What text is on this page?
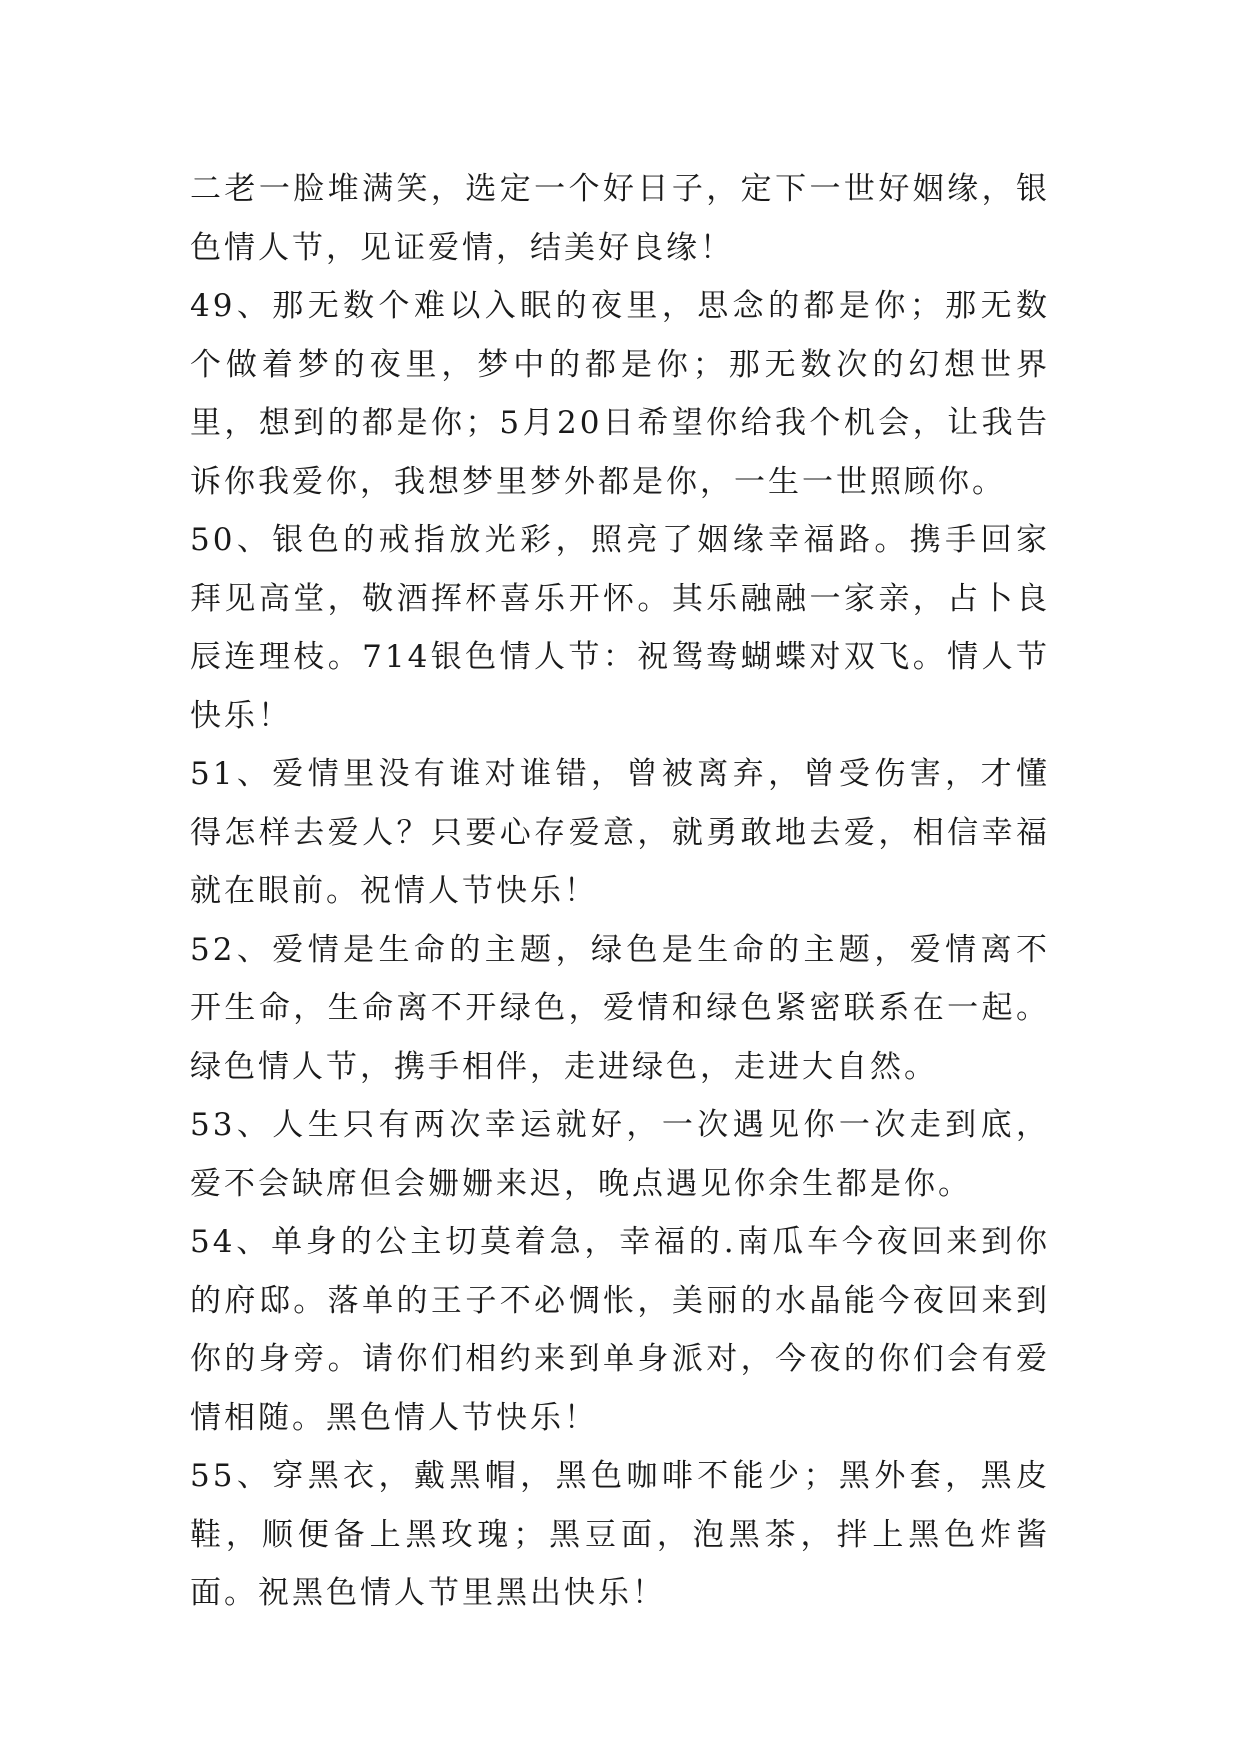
二老一脸堆满笑，选定一个好日子，定下一世好姻缘，银色情人节，见证爱情，结美好良缘！

49、那无数个难以入眠的夜里，思念的都是你；那无数个做着梦的夜里，梦中的都是你；那无数次的幻想世界里，想到的都是你；5月20日希望你给我个机会，让我告诉你我爱你，我想梦里梦外都是你，一生一世照顾你。

50、银色的戒指放光彩，照亮了姻缘幸福路。携手回家拜见高堂，敬酒挥杯喜乐开怀。其乐融融一家亲，占卜良辰连理枝。714银色情人节：祝鸳鸯蝴蝶对双飞。情人节快乐！

51、爱情里没有谁对谁错，曾被离弃，曾受伤害，才懂得怎样去爱人？只要心存爱意，就勇敢地去爱，相信幸福就在眼前。祝情人节快乐！

52、爱情是生命的主题，绿色是生命的主题，爱情离不开生命，生命离不开绿色，爱情和绿色紧密联系在一起。绿色情人节，携手相伴，走进绿色，走进大自然。

53、人生只有两次幸运就好，一次遇见你一次走到底，爱不会缺席但会姗姗来迟，晚点遇见你余生都是你。

54、单身的公主切莫着急，幸福的.南瓜车今夜回来到你的府邸。落单的王子不必惆怅，美丽的水晶能今夜回来到你的身旁。请你们相约来到单身派对，今夜的你们会有爱情相随。黑色情人节快乐！

55、穿黑衣，戴黑帽，黑色咖啡不能少；黑外套，黑皮鞋，顺便备上黑玫瑰；黑豆面，泡黑茶，拌上黑色炸酱面。祝黑色情人节里黑出快乐！
